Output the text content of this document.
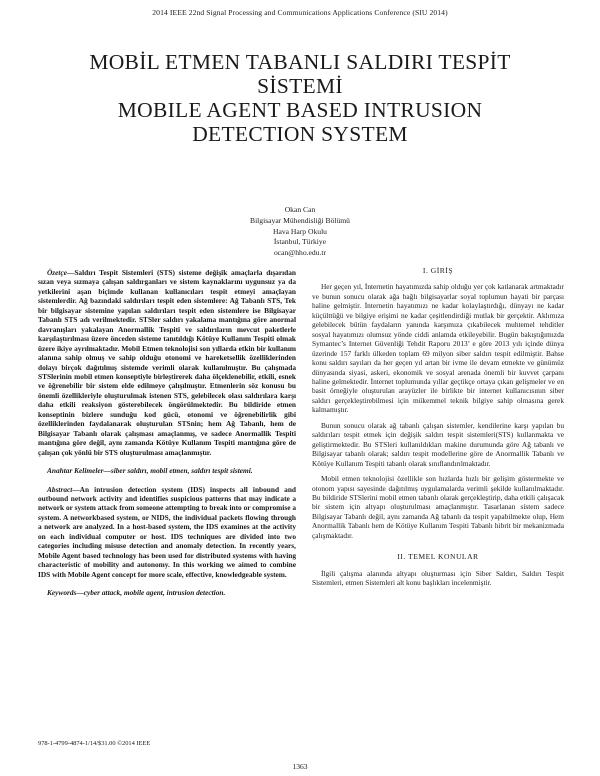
2014 IEEE 22nd Signal Processing and Communications Applications Conference (SIU 2014)
MOBİL ETMEN TABANLI SALDIRI TESPİT
SİSTEMİ
MOBILE AGENT BASED INTRUSION
DETECTION SYSTEM
Okan Can
Bilgisayar Mühendisliği Bölümü
Hava Harp Okulu
İstanbul, Türkiye
ocan@hho.edu.tr

Özetçe—Saldırı Tespit Sistemleri (STS) sisteme değişik amaçlarla dışarıdan sızan veya sızmaya çalışan saldırganları ve sistem kaynaklarını uygunsuz ya da yetkilerini aşan biçimde kullanan kullanıcıları tespit etmeyi amaçlayan sistemlerdir. Ağ bazındaki saldırıları tespit eden sistemlere: Ağ Tabanlı STS, Tek bir bilgisayar sistemine yapılan saldırıları tespit eden sistemlere ise Bilgisayar Tabanlı STS adı verilmektedir. STSler saldırı yakalama mantığına göre anormal davranışları yakalayan Anormallik Tespiti ve saldırıların mevcut paketlerle karşılaştırılması üzere önceden sisteme tanıtıldığı Kötüye Kullanım Tespiti olmak üzere ikiye ayrılmaktadır. Mobil Etmen teknolojisi son yıllarda etkin bir kullanım alanına sahip olmuş ve sahip olduğu otonomi ve hareketsellik özelliklerinden dolayı birçok dağıtılmış sistemde verimli olarak kullanılmıştır. Bu çalışmada STSlerinin mobil etmen konseptiyle birleştirerek daha ölçeklenebilir, etkili, esnek ve öğrenebilir bir sistem elde edilmeye çalışılmıştır. Etmenlerin söz konusu bu önemli özellikleriyle oluşturulmak istenen STS, gelebilecek olası saldırılara karşı daha etkili reaksiyon gösterebilecek öngörülmektedir. Bu bildiride etmen konseptinin bizlere sunduğu kod gücü, otonomi ve öğrenebilirlik gibi özelliklerinden faydalanarak oluşturulan STSnin; hem Ağ Tabanlı, hem de Bilgisayar Tabanlı olarak çalışması amaçlanmış, ve sadece Anormallik Tespiti mantığına göre değil, aynı zamanda Kötüye Kullanım Tespiti mantığına göre de çalışan çok yönlü bir STS oluşturulması amaçlanmıştır.

Anahtar Kelimeler—siber saldırı, mobil etmen, saldırı tespit sistemi.

Abstract—An intrusion detection system (IDS) inspects all inbound and outbound network activity and identifies suspicious patterns that may indicate a network or system attack from someone attempting to break into or compromise a system. A networkbased system, or NIDS, the individual packets flowing through a network are analyzed. In a host-based system, the IDS examines at the activity on each individual computer or host. IDS techniques are divided into two categories including misuse detection and anomaly detection. In recently years, Mobile Agent based technology has been used for distributed systems with having characteristic of mobility and autonomy. In this working we aimed to combine IDS with Mobile Agent concept for more scale, effective, knowledgeable system.

Keywords—cyber attack, mobile agent, intrusion detection.

I. GİRİŞ

Her geçen yıl, İnternetin hayatımızda sahip olduğu yer çok katlanarak artmaktadır ve bunun sonucu olarak ağa bağlı bilgisayarlar soyal toplumun hayati bir parçası haline gelmiştir. İnternetin hayatımızı ne kadar kolaylaştırdığı, dünyayı ne kadar küçülttüğü ve bilgiye erişimi ne kadar çeşitlendirdiği mutlak bir gerçektir. Aklımıza gelebilecek bütün faydaların yanında karşımıza çıkabilecek muhtemel tehditler sosyal hayatımızı olumsuz yönde ciddi anlamda etkileyebilir. Bugün bakıştığımızda Symantec’s Internet Güvenliği Tehdit Raporu 2013’ e göre 2013 yılı içinde dünya üzerinde 157 farklı ülkeden toplam 69 milyon siber saldırı tespit edilmiştir. Bahse konu saldırı sayıları da her geçen yıl artan bir ivme ile devam etmekte ve günümüz dünyasında siyasi, askeri, ekonomik ve sosyal arenada önemli bir kuvvet çarpanı haline gelmektedir. İnternet toplumunda yıllar geçtikçe ortaya çıkan gelişmeler ve en basit örneğiyle oluşturulan arayüzler ile birlikte bir internet kullanıcısının siber saldırı gerçekleştirebilmesi için mükemmel teknik bilgiye sahip olmasına gerek kalmamıştır.

Bunun sonucu olarak ağ tabanlı çalışan sistemler, kendilerine karşı yapılan bu saldırıları tespit etmek için değişik saldırı tespit sistemleri(STS) kullanmakta ve geliştirmektedir. Bu STSleri kullanıldıkları makine durumunda göre Ağ tabanlı ve Bilgisayar tabanlı olarak; saldırı tespit modellerine göre de Anormallik Tabanlı ve Kötüye Kullanım Tespiti tabanlı olarak sınıflandırılmaktadır.

Mobil etmen teknolojisi özellikle son hızlarda hızlı bir gelişim göstermekte ve otonom yapısı sayesinde dağıtılmış uygulamalarda verimli şekilde kullanılmaktadır. Bu bildiride STSlerini mobil etmen tabanlı olarak gerçekleştirip, daha etkili çalışacak bir sistem için altyapı oluşturulması amaçlanmıştır. Tasarlanan sistem sadece Bilgisayar Tabanlı değil, aynı zamanda Ağ tabanlı da tespit yapabilmekte olup, Hem Anormallik Tabanlı hem de Kötüye Kullanım Tespiti Tabanlı hibrit bir mekanizmada çalışmaktadır.

II. TEMEL KONULAR

İlgili çalışma alanında altyapı oluşturması için Siber Saldırı, Saldırı Tespit Sistemleri, etmen Sistemleri alt konu başlıkları incelenmiştir.

978-1-4799-4874-1/14/$31.00 ©2014 IEEE
1363
